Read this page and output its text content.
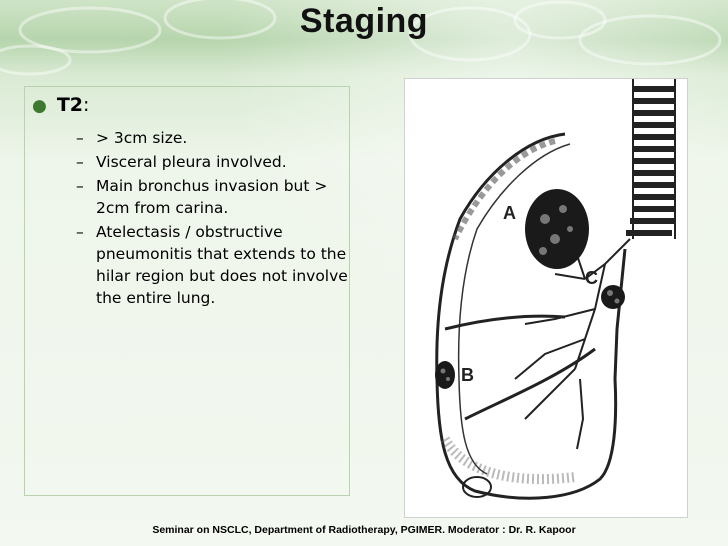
Staging
● T2:
– > 3cm size.
– Visceral pleura involved.
– Main bronchus invasion but > 2cm from carina.
– Atelectasis / obstructive pneumonitis that extends to the hilar region but does not involve the entire lung.
A
C
B
Seminar on NSCLC, Department of Radiotherapy, PGIMER. Moderator : Dr. R. Kapoor
